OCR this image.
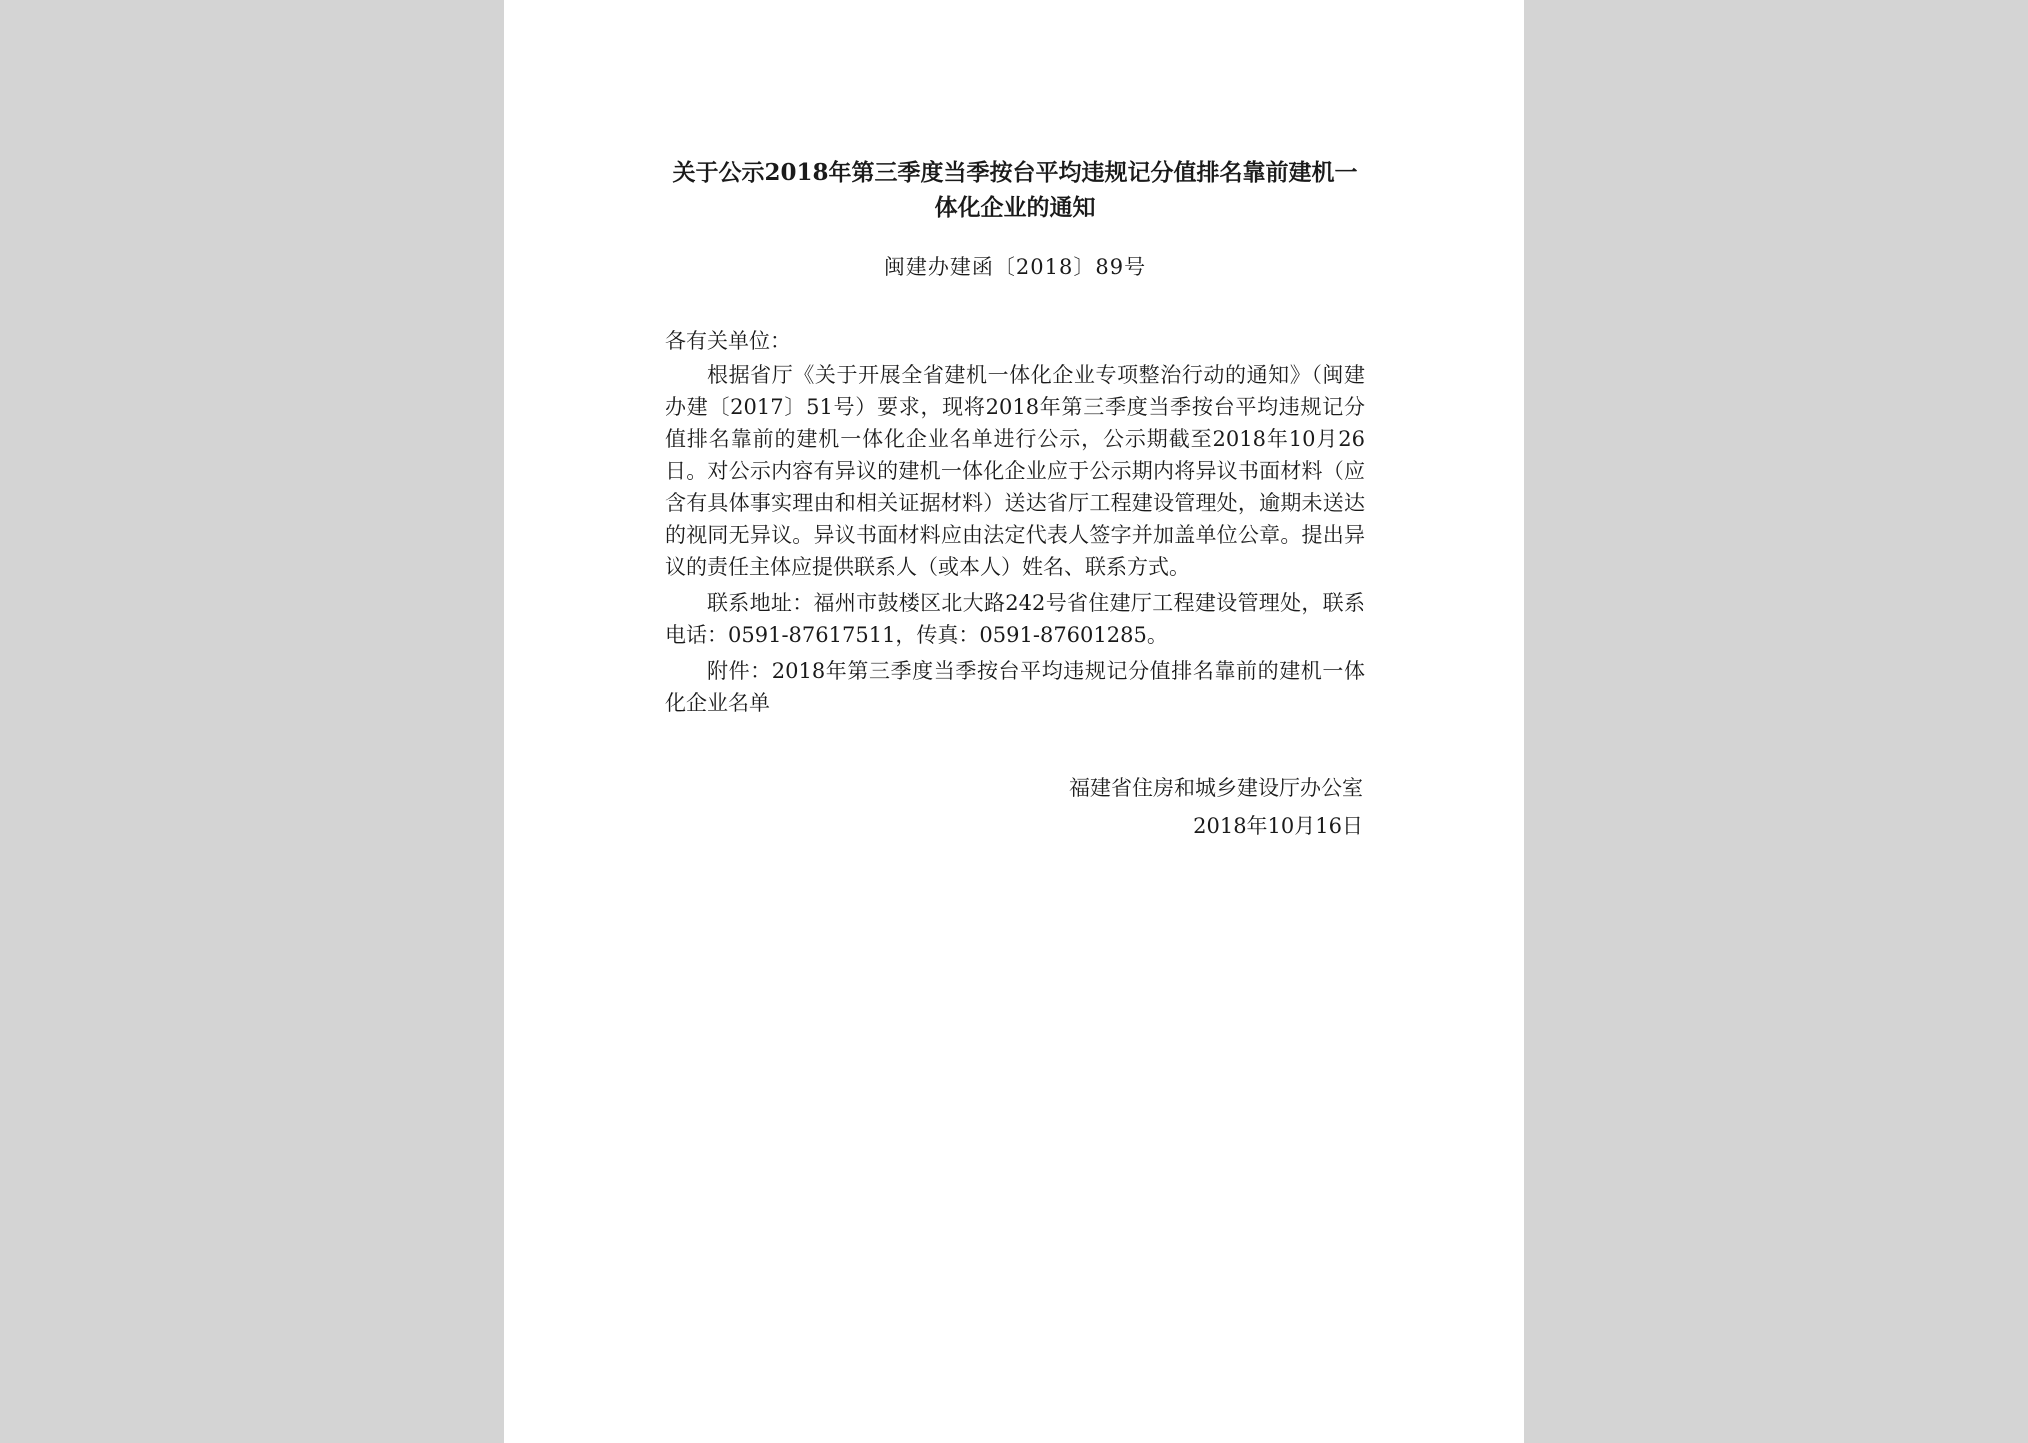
关于公示2018年第三季度当季按台平均违规记分值排名靠前建机一体化企业的通知
闽建办建函〔2018〕89号

各有关单位：

根据省厅《关于开展全省建机一体化企业专项整治行动的通知》（闽建办建〔2017〕51号）要求，现将2018年第三季度当季按台平均违规记分值排名靠前的建机一体化企业名单进行公示，公示期截至2018年10月26日。对公示内容有异议的建机一体化企业应于公示期内将异议书面材料（应含有具体事实理由和相关证据材料）送达省厅工程建设管理处，逾期未送达的视同无异议。异议书面材料应由法定代表人签字并加盖单位公章。提出异议的责任主体应提供联系人（或本人）姓名、联系方式。

联系地址：福州市鼓楼区北大路242号省住建厅工程建设管理处，联系电话：0591-87617511，传真：0591-87601285。

附件：2018年第三季度当季按台平均违规记分值排名靠前的建机一体化企业名单

福建省住房和城乡建设厅办公室
2018年10月16日
